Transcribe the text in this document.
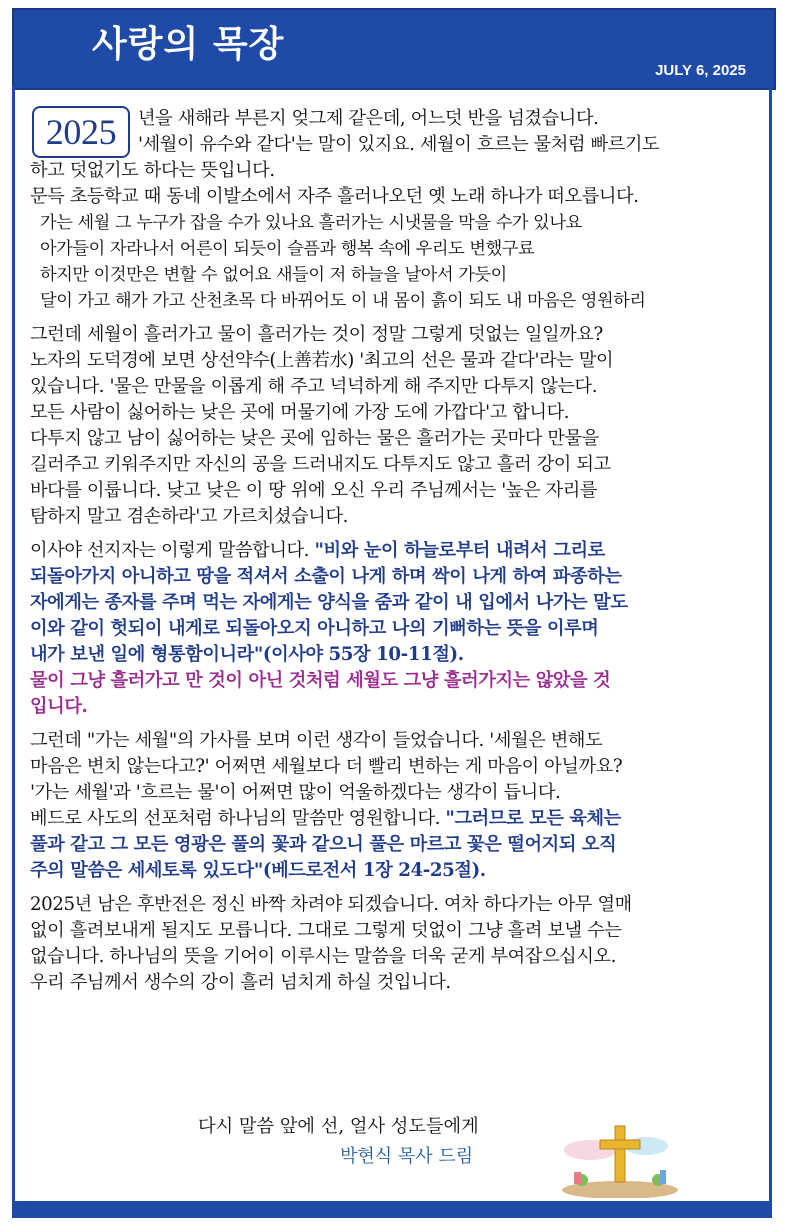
사랑의 목장
JULY 6, 2025
2025	년을 새해라 부른지 엊그제 같은데, 어느덧 반을 넘겼습니다.
'세월이 유수와 같다'는 말이 있지요. 세월이 흐르는 물처럼 빠르기도
하고 덧없기도 하다는 뜻입니다.
문득 초등학교 때 동네 이발소에서 자주 흘러나오던 옛 노래 하나가 떠오릅니다.
가는 세월 그 누구가 잡을 수가 있나요 흘러가는 시냇물을 막을 수가 있나요
아가들이 자라나서 어른이 되듯이 슬픔과 행복 속에 우리도 변했구료
하지만 이것만은 변할 수 없어요 새들이 저 하늘을 날아서 가듯이
달이 가고 해가 가고 산천초목 다 바뀌어도 이 내 몸이 흙이 되도 내 마음은 영원하리
그런데 세월이 흘러가고 물이 흘러가는 것이 정말 그렇게 덧없는 일일까요?
노자의 도덕경에 보면 상선약수(上善若水) '최고의 선은 물과 같다'라는 말이
있습니다. '물은 만물을 이롭게 해 주고 넉넉하게 해 주지만 다투지 않는다.
모든 사람이 싫어하는 낮은 곳에 머물기에 가장 도에 가깝다'고 합니다.
다투지 않고 남이 싫어하는 낮은 곳에 임하는 물은 흘러가는 곳마다 만물을
길러주고 키워주지만 자신의 공을 드러내지도 다투지도 않고 흘러 강이 되고
바다를 이룹니다. 낮고 낮은 이 땅 위에 오신 우리 주님께서는 '높은 자리를
탐하지 말고 겸손하라'고 가르치셨습니다.
이사야 선지자는 이렇게 말씀합니다. "비와 눈이 하늘로부터 내려서 그리로
되돌아가지 아니하고 땅을 적셔서 소출이 나게 하며 싹이 나게 하여 파종하는
자에게는 종자를 주며 먹는 자에게는 양식을 줌과 같이 내 입에서 나가는 말도
이와 같이 헛되이 내게로 되돌아오지 아니하고 나의 기뻐하는 뜻을 이루며
내가 보낸 일에 형통함이니라"(이사야 55장 10-11절).
물이 그냥 흘러가고 만 것이 아닌 것처럼 세월도 그냥 흘러가지는 않았을 것
입니다.
그런데 "가는 세월"의 가사를 보며 이런 생각이 들었습니다. '세월은 변해도
마음은 변치 않는다고?' 어쩌면 세월보다 더 빨리 변하는 게 마음이 아닐까요?
'가는 세월'과 '흐르는 물'이 어쩌면 많이 억울하겠다는 생각이 듭니다.
베드로 사도의 선포처럼 하나님의 말씀만 영원합니다. "그러므로 모든 육체는
풀과 같고 그 모든 영광은 풀의 꽃과 같으니 풀은 마르고 꽃은 떨어지되 오직
주의 말씀은 세세토록 있도다"(베드로전서 1장 24-25절).
2025년 남은 후반전은 정신 바짝 차려야 되겠습니다. 여차 하다가는 아무 열매
없이 흘려보내게 될지도 모릅니다. 그대로 그렇게 덧없이 그냥 흘려 보낼 수는
없습니다. 하나님의 뜻을 기어이 이루시는 말씀을 더욱 굳게 부여잡으십시오.
우리 주님께서 생수의 강이 흘러 넘치게 하실 것입니다.
다시 말씀 앞에 선, 얼사 성도들에게
박현식 목사 드림
